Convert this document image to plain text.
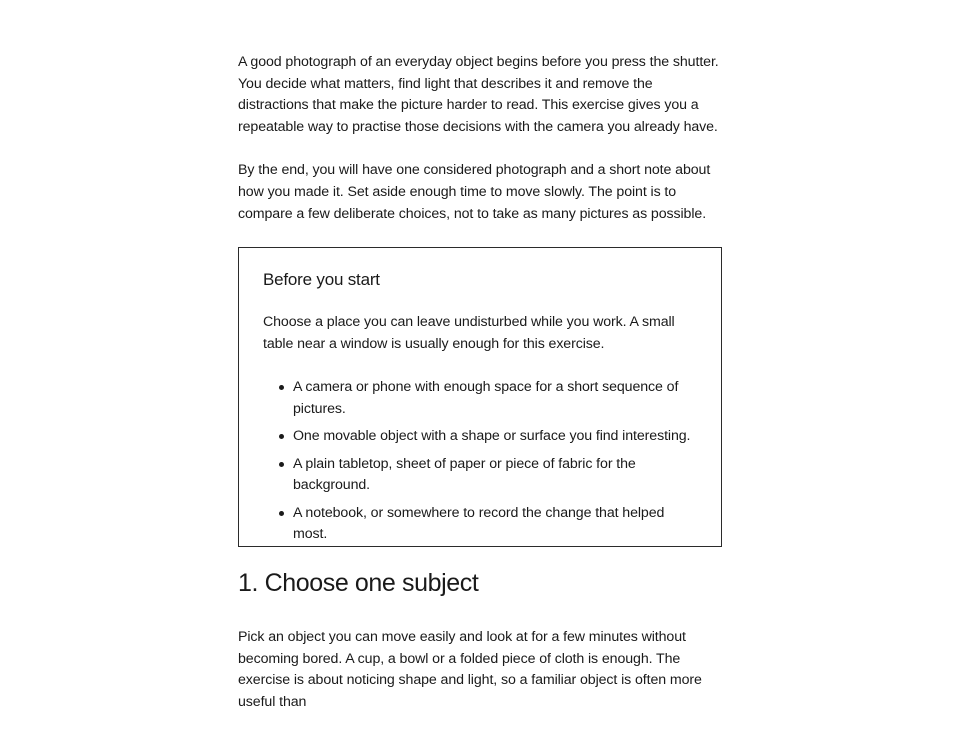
A good photograph of an everyday object begins before you press the shutter. You decide what matters, find light that describes it and remove the distractions that make the picture harder to read. This exercise gives you a repeatable way to practise those decisions with the camera you already have.

By the end, you will have one considered photograph and a short note about how you made it. Set aside enough time to move slowly. The point is to compare a few deliberate choices, not to take as many pictures as possible.

Before you start

Choose a place you can leave undisturbed while you work. A small table near a window is usually enough for this exercise.

A camera or phone with enough space for a short sequence of pictures.
One movable object with a shape or surface you find interesting.
A plain tabletop, sheet of paper or piece of fabric for the background.
A notebook, or somewhere to record the change that helped most.
1. Choose one subject

Pick an object you can move easily and look at for a few minutes without becoming bored. A cup, a bowl or a folded piece of cloth is enough. The exercise is about noticing shape and light, so a familiar object is often more useful than
